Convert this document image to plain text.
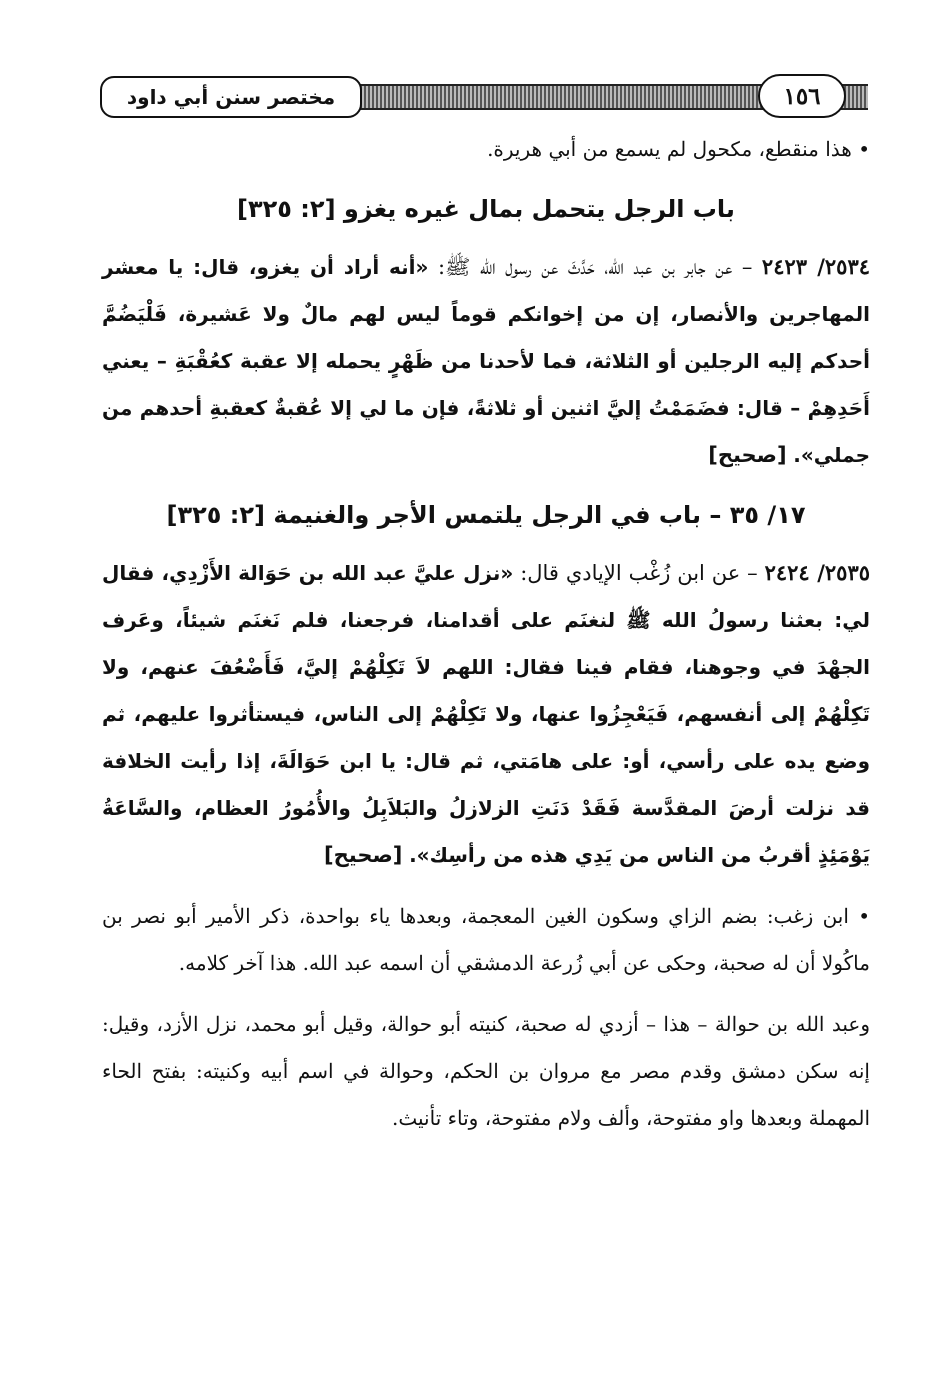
مختصر سنن أبي داود	١٥٦

• هذا منقطع، مكحول لم يسمع من أبي هريرة.

باب الرجل يتحمل بمال غيره يغزو [٢: ٣٢٥]

٢٥٣٤/ ٢٤٢٣ – عن جابر بن عبد الله، حَدَّثَ عن رسول الله ﷺ: «أنه أراد أن يغزو، قال: يا معشر المهاجرين والأنصار، إن من إخوانكم قوماً ليس لهم مالٌ ولا عَشيرة، فَلْيَضُمَّ أحدكم إليه الرجلين أو الثلاثة، فما لأحدنا من ظَهْرٍ يحمله إلا عقبة كعُقْبَةِ – يعني أَحَدِهِمْ – قال: فضَمَمْتُ إليَّ اثنين أو ثلاثةً، فإن ما لي إلا عُقبةٌ كعقبةِ أحدهم من جملي». [صحيح]

١٧/ ٣٥ – باب في الرجل يلتمس الأجر والغنيمة [٢: ٣٢٥]

٢٥٣٥/ ٢٤٢٤ – عن ابن زُغْب الإيادي قال: «نزل عليَّ عبد الله بن حَوَالة الأَزْدِي، فقال لي: بعثنا رسولُ الله ﷺ لنغنَم على أقدامنا، فرجعنا، فلم نَغنَم شيئاً، وعَرف الجهْدَ في وجوهنا، فقام فينا فقال: اللهم لاَ تَكِلْهُمْ إليَّ، فَأَضْعُفَ عنهم، ولا تَكِلْهُمْ إلى أنفسهم، فَيَعْجِزُوا عنها، ولا تَكِلْهُمْ إلى الناس، فيستأثروا عليهم، ثم وضع يده على رأسي، أو: على هامَتي، ثم قال: يا ابن حَوَالَةَ، إذا رأيت الخلافة قد نزلت أرضَ المقدَّسة فَقَدْ دَنَتِ الزلازلُ والبَلاَبِلُ والأُمُورُ العظام، والسَّاعَةُ يَوْمَئِذٍ أقربُ من الناس من يَدِي هذه من رأسِك». [صحيح]

• ابن زغب: بضم الزاي وسكون الغين المعجمة، وبعدها ياء بواحدة، ذكر الأمير أبو نصر بن ماكُولا أن له صحبة، وحكى عن أبي زُرعة الدمشقي أن اسمه عبد الله. هذا آخر كلامه.

وعبد الله بن حوالة – هذا – أزدي له صحبة، كنيته أبو حوالة، وقيل أبو محمد، نزل الأزد، وقيل: إنه سكن دمشق وقدم مصر مع مروان بن الحكم، وحوالة في اسم أبيه وكنيته: بفتح الحاء المهملة وبعدها واو مفتوحة، وألف ولام مفتوحة، وتاء تأنيث.
